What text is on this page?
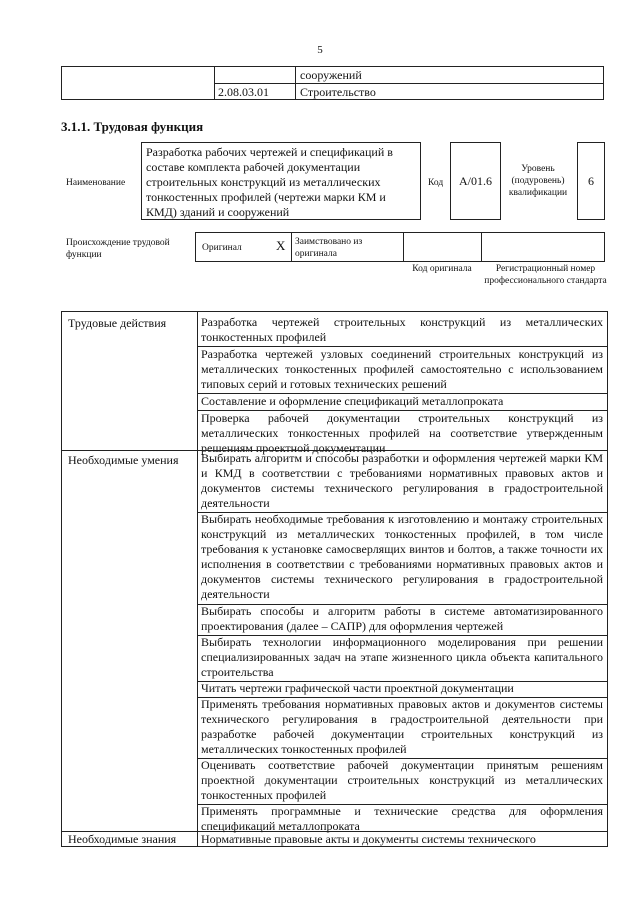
5
сооружений
2.08.03.01	Строительство
3.1.1. Трудовая функция
Наименование
Разработка рабочих чертежей и спецификаций в составе комплекта рабочей документации строительных конструкций из металлических тонкостенных профилей (чертежи марки КМ и КМД) зданий и сооружений
Код	А/01.6
Уровень (подуровень) квалификации
6
Происхождение трудовой функции
Оригинал	X Заимствовано из оригинала
Код оригинала	Регистрационный номер профессионального стандарта
Трудовые действия	Разработка чертежей строительных конструкций из металлических тонкостенных профилей
Разработка чертежей узловых соединений строительных конструкций из металлических тонкостенных профилей самостоятельно с использованием типовых серий и готовых технических решений
Составление и оформление спецификаций металлопроката
Проверка рабочей документации строительных конструкций из металлических тонкостенных профилей на соответствие утвержденным решениям проектной документации
Необходимые умения Выбирать алгоритм и способы разработки и оформления чертежей марки КМ и КМД в соответствии с требованиями нормативных правовых актов и документов системы технического регулирования в градостроительной деятельности
Выбирать необходимые требования к изготовлению и монтажу строительных конструкций из металлических тонкостенных профилей, в том числе требования к установке самосверлящих винтов и болтов, а также точности их исполнения в соответствии с требованиями нормативных правовых актов и документов системы технического регулирования в градостроительной деятельности
Выбирать способы и алгоритм работы в системе автоматизированного проектирования (далее – САПР) для оформления чертежей
Выбирать технологии информационного моделирования при решении специализированных задач на этапе жизненного цикла объекта капитального строительства
Читать чертежи графической части проектной документации
Применять требования нормативных правовых актов и документов системы технического регулирования в градостроительной деятельности при разработке рабочей документации строительных конструкций из металлических тонкостенных профилей
Оценивать соответствие рабочей документации принятым решениям проектной документации строительных конструкций из металлических тонкостенных профилей
Применять программные и технические средства для оформления спецификаций металлопроката
Необходимые знания Нормативные правовые акты и документы системы технического
